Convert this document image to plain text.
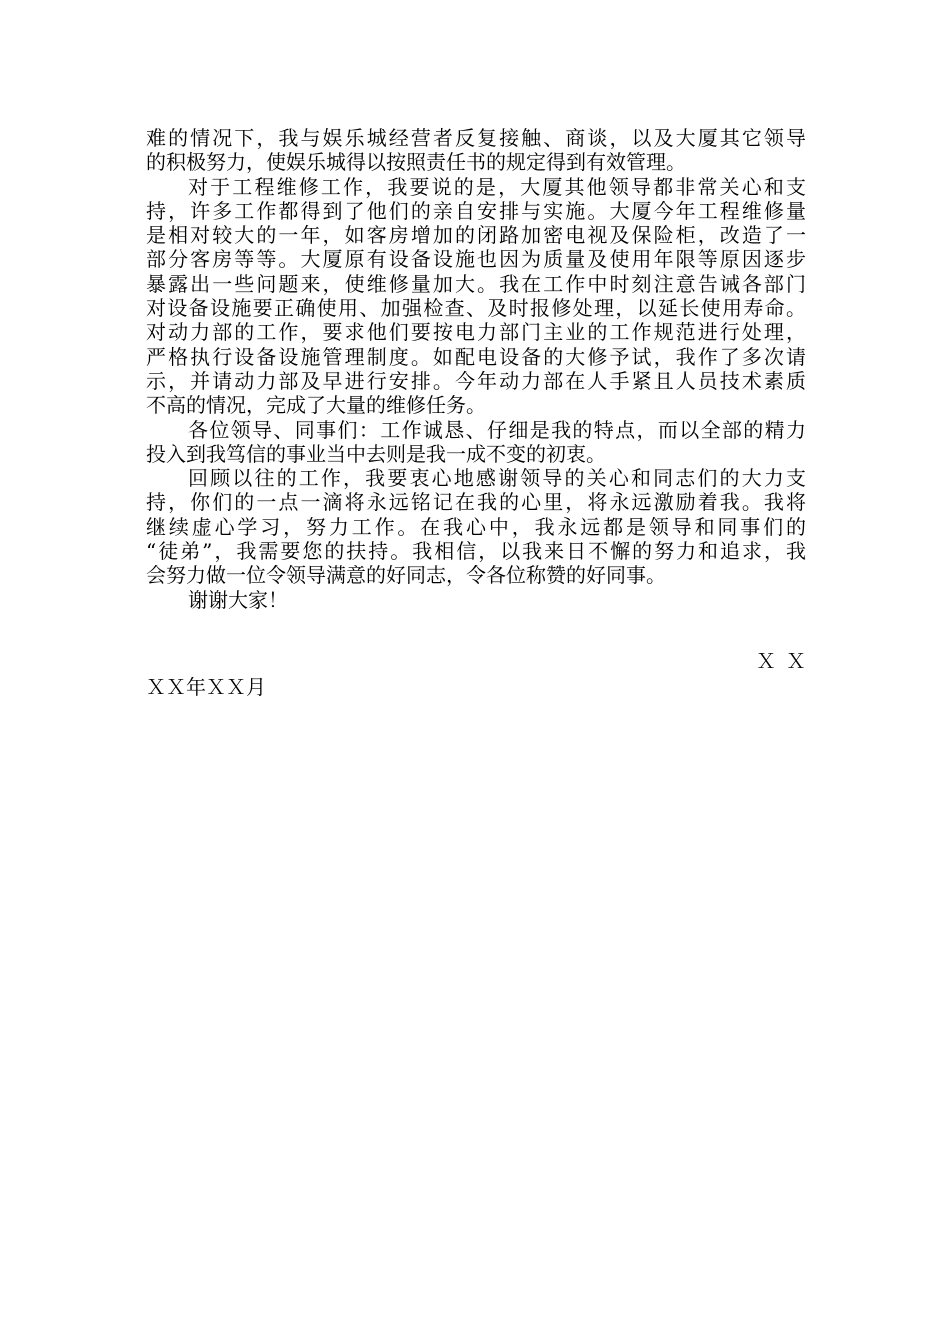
难的情况下，我与娱乐城经营者反复接触、商谈，以及大厦其它领导
的积极努力，使娱乐城得以按照责任书的规定得到有效管理。
对于工程维修工作，我要说的是，大厦其他领导都非常关心和支
持，许多工作都得到了他们的亲自安排与实施。大厦今年工程维修量
是相对较大的一年，如客房增加的闭路加密电视及保险柜，改造了一
部分客房等等。大厦原有设备设施也因为质量及使用年限等原因逐步
暴露出一些问题来，使维修量加大。我在工作中时刻注意告诫各部门
对设备设施要正确使用、加强检查、及时报修处理，以延长使用寿命。
对动力部的工作，要求他们要按电力部门主业的工作规范进行处理，
严格执行设备设施管理制度。如配电设备的大修予试，我作了多次请
示，并请动力部及早进行安排。今年动力部在人手紧且人员技术素质
不高的情况，完成了大量的维修任务。
各位领导、同事们：工作诚恳、仔细是我的特点，而以全部的精力
投入到我笃信的事业当中去则是我一成不变的初衷。
回顾以往的工作，我要衷心地感谢领导的关心和同志们的大力支
持，你们的一点一滴将永远铭记在我的心里，将永远激励着我。我将
继续虚心学习，努力工作。在我心中，我永远都是领导和同事们的
“徒弟”，我需要您的扶持。我相信，以我来日不懈的努力和追求，我
会努力做一位令领导满意的好同志，令各位称赞的好同事。
谢谢大家！
ＸＸ
ＸＸ年ＸＸ月
